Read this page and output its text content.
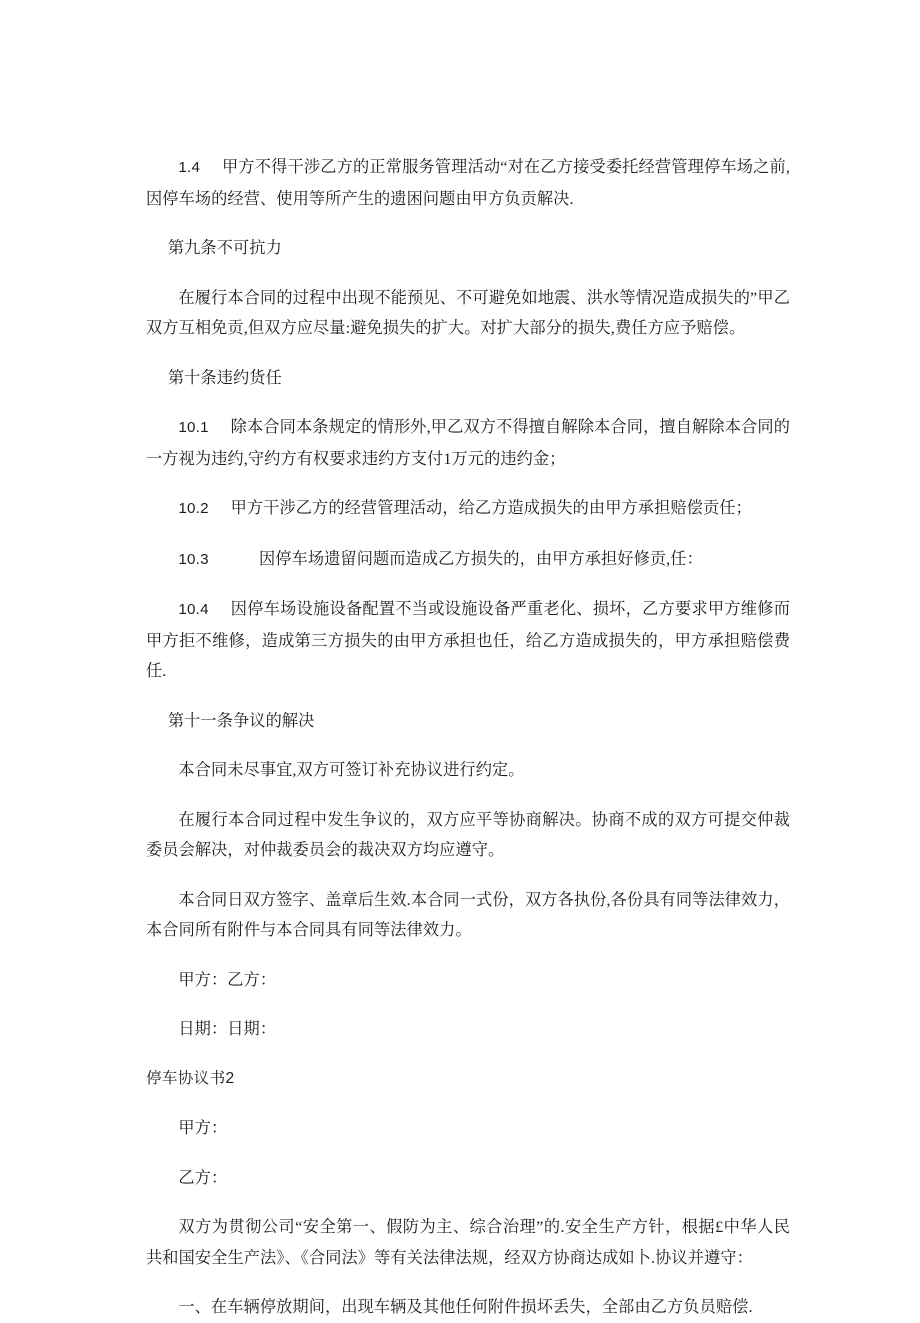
1.4 甲方不得干涉乙方的正常服务管理活动“对在乙方接受委托经营管理停车场之前,因停车场的经营、使用等所产生的遗困问题由甲方负贡解决.

第九条不可抗力

在履行本合同的过程中出现不能预见、不可避免如地震、洪水等情况造成损失的”甲乙双方互相免贡,但双方应尽量:避免损失的扩大。对扩大部分的损失,费任方应予赔偿。

第十条违约货任

10.1 除本合同本条规定的情形外,甲乙双方不得擅自解除本合同，擅自解除本合同的一方视为违约,守约方有权要求违约方支付1万元的违约金；

10.2 甲方干涉乙方的经营管理活动，给乙方造成损失的由甲方承担赔偿贡任；

10.3	因停车场遗留问题而造成乙方损失的，由甲方承担好修贡,任：

10.4 因停车场设施设备配置不当或设施设备严重老化、损坏，乙方要求甲方维修而甲方拒不维修，造成第三方损失的由甲方承担也任，给乙方造成损失的，甲方承担赔偿费任.

第十一条争议的解决

本合同未尽事宜,双方可签订补充协议进行约定。

在履行本合同过程中发生争议的，双方应平等协商解决。协商不成的双方可提交仲裁委员会解决，对仲裁委员会的裁决双方均应遵守。

本合同日双方签字、盖章后生效.本合同一式份，双方各执份,各份具有同等法律效力，本合同所有附件与本合同具有同等法律效力。

甲方：乙方：

日期：日期：

停车协议书2

甲方：

乙方：

双方为贯彻公司“安全第一、假防为主、综合治理”的.安全生产方针，根据£中华人民共和国安全生产法》、《合同法》等有关法律法规，经双方协商达成如卜.协议并遵守：

一、在车辆停放期间，出现车辆及其他任何附件损坏丢失，全部由乙方负员赔偿.
